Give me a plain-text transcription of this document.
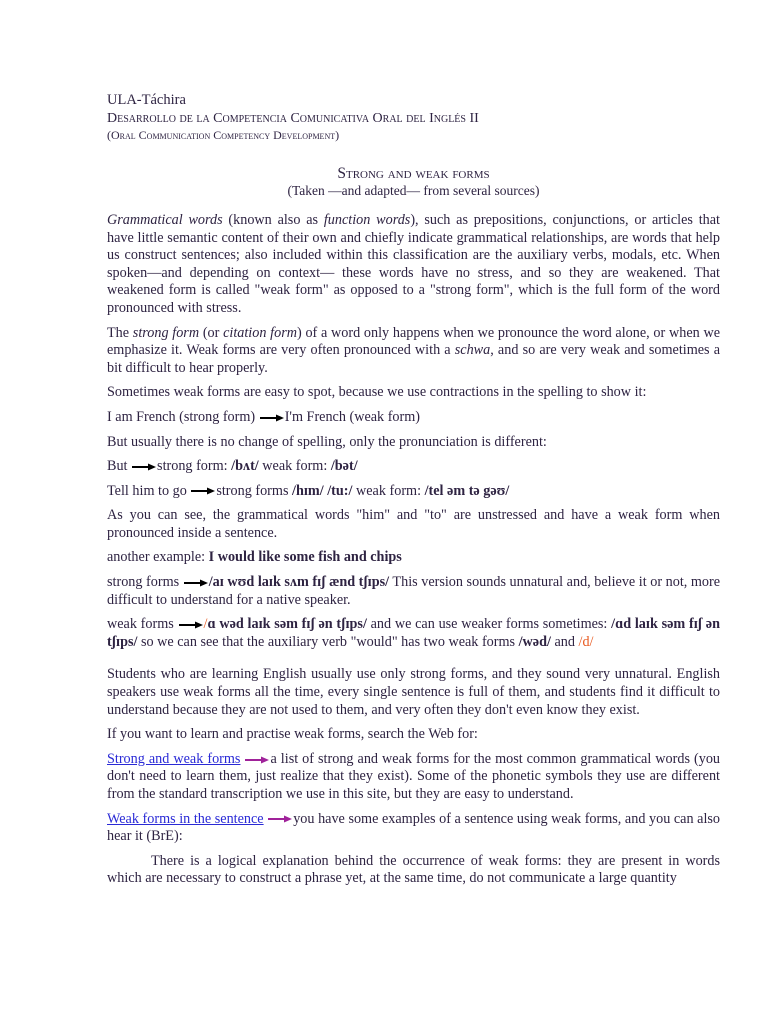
ULA-Táchira

Desarrollo de la Competencia Comunicativa Oral del Inglés II

(Oral Communication Competency Development)

Strong and weak forms
(Taken —and adapted— from several sources)

Grammatical words (known also as function words), such as prepositions, conjunctions, or articles that have little semantic content of their own and chiefly indicate grammatical relationships, are words that help us construct sentences; also included within this classification are the auxiliary verbs, modals, etc. When spoken—and depending on context— these words have no stress, and so they are weakened. That weakened form is called "weak form" as opposed to a "strong form", which is the full form of the word pronounced with stress.

The strong form (or citation form) of a word only happens when we pronounce the word alone, or when we emphasize it. Weak forms are very often pronounced with a schwa, and so are very weak and sometimes a bit difficult to hear properly.

Sometimes weak forms are easy to spot, because we use contractions in the spelling to show it:

I am French (strong form) I'm French (weak form)

But usually there is no change of spelling, only the pronunciation is different:

But strong form: /bʌt/ weak form: /bət/

Tell him to go strong forms /hɪm/ /tu:/ weak form: /tel əm tə gəʊ/

As you can see, the grammatical words "him" and "to" are unstressed and have a weak form when pronounced inside a sentence.

another example: I would like some fish and chips

strong forms /aɪ wʊd laɪk sʌm fɪʃ ænd tʃɪps/ This version sounds unnatural and, believe it or not, more difficult to understand for a native speaker.

weak forms /ɑ wəd laɪk səm fɪʃ ən tʃɪps/ and we can use weaker forms sometimes: /ɑd laɪk səm fɪʃ ən tʃɪps/ so we can see that the auxiliary verb "would" has two weak forms /wəd/ and /d/

Students who are learning English usually use only strong forms, and they sound very unnatural. English speakers use weak forms all the time, every single sentence is full of them, and students find it difficult to understand because they are not used to them, and very often they don't even know they exist.

If you want to learn and practise weak forms, search the Web for:

Strong and weak forms a list of strong and weak forms for the most common grammatical words (you don't need to learn them, just realize that they exist). Some of the phonetic symbols they use are different from the standard transcription we use in this site, but they are easy to understand.

Weak forms in the sentence you have some examples of a sentence using weak forms, and you can also hear it (BrE):

There is a logical explanation behind the occurrence of weak forms: they are present in words which are necessary to construct a phrase yet, at the same time, do not communicate a large quantity
